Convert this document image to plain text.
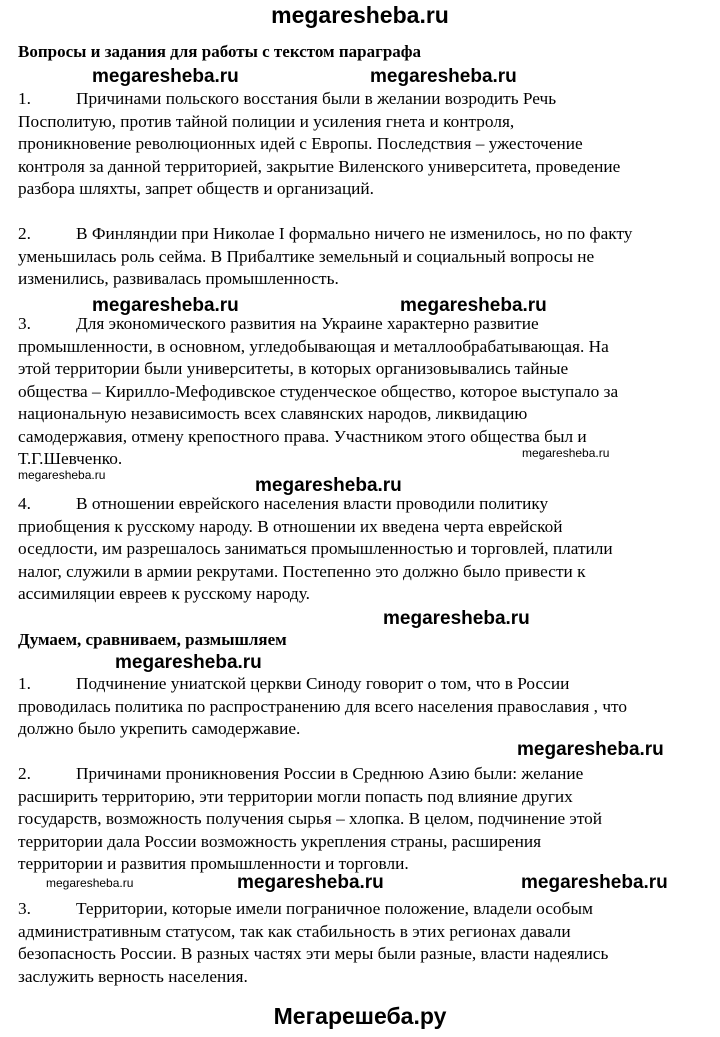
megaresheba.ru
Вопросы и задания для работы с текстом параграфа
megaresheba.ru	megaresheba.ru
megaresheba.ru	megaresheba.ru
megaresheba.ru
megaresheba.ru	megaresheba.ru
megaresheba.ru
megaresheba.ru
megaresheba.ru
megaresheba.ru	megaresheba.ru	megaresheba.ru
1.	Причинами польского восстания были в желании возродить Речь
Посполитую, против тайной полиции и усиления гнета и контроля,
проникновение революционных идей с Европы. Последствия – ужесточение
контроля за данной территорией, закрытие Виленского университета, проведение
разбора шляхты, запрет обществ и организаций.
2.	В Финляндии при Николае I формально ничего не изменилось, но по факту
уменьшилась роль сейма. В Прибалтике земельный и социальный вопросы не
изменились, развивалась промышленность.
3.	Для экономического развития на Украине характерно развитие
промышленности, в основном, угледобывающая и металлообрабатывающая. На
этой территории были университеты, в которых организовывались тайные
общества – Кирилло-Мефодивское студенческое общество, которое выступало за
национальную независимость всех славянских народов, ликвидацию
самодержавия, отмену крепостного права. Участником этого общества был и
Т.Г.Шевченко.
4.	В отношении еврейского населения власти проводили политику
приобщения к русскому народу. В отношении их введена черта еврейской
оседлости, им разрешалось заниматься промышленностью и торговлей, платили
налог, служили в армии рекрутами. Постепенно это должно было привести к
ассимиляции евреев к русскому народу.
Думаем, сравниваем, размышляем
1.	Подчинение униатской церкви Синоду говорит о том, что в России
проводилась политика по распространению для всего населения православия , что
должно было укрепить самодержавие.
2.	Причинами проникновения России в Среднюю Азию были: желание
расширить территорию, эти территории могли попасть под влияние других
государств, возможность получения сырья – хлопка. В целом, подчинение этой
территории дала России возможность укрепления страны, расширения
территории и развития промышленности и торговли.
3.	Территории, которые имели пограничное положение, владели особым
административным статусом, так как стабильность в этих регионах давали
безопасность России. В разных частях эти меры были разные, власти надеялись
заслужить верность населения.
Мегарешеба.ру
